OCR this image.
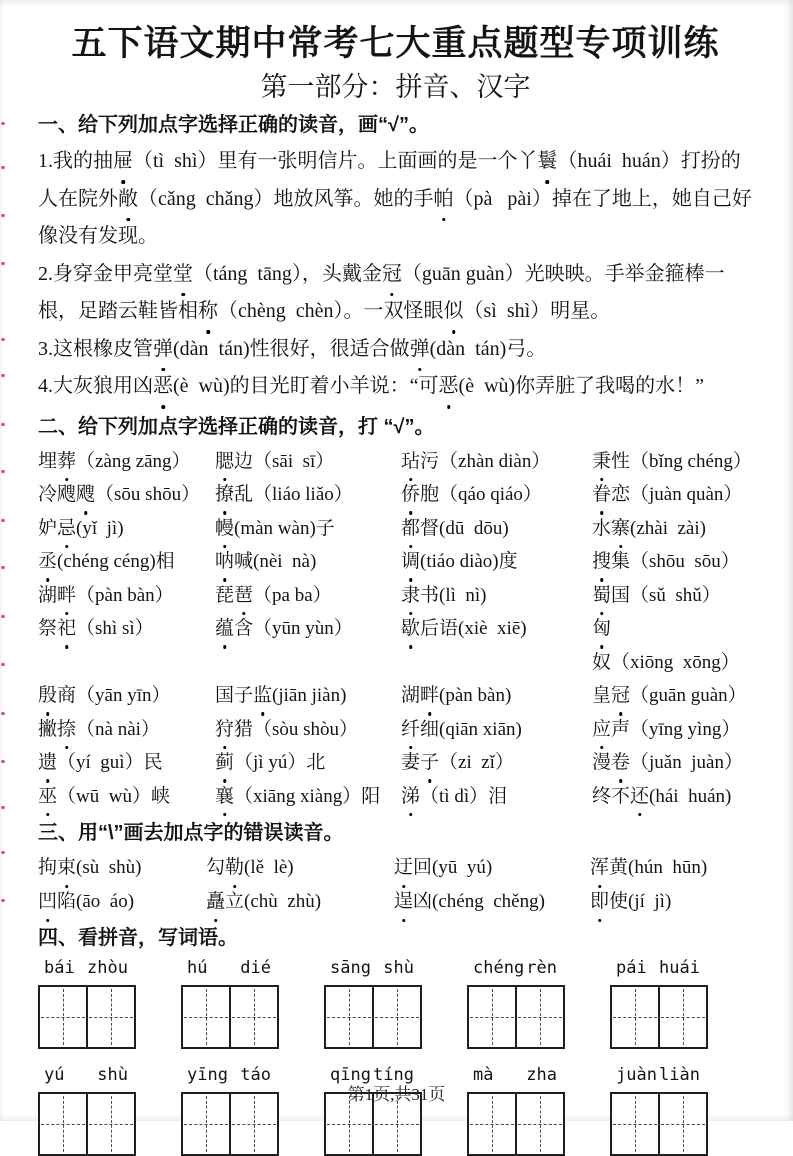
五下语文期中常考七大重点题型专项训练
第一部分：拼音、汉字
一、给下列加点字选择正确的读音，画“√”。

1.我的抽屉（tì  shì）里有一张明信片。上面画的是一个丫鬟（huái  huán）打扮的人在院外敞（cǎng  chǎng）地放风筝。她的手帕（pà   pài）掉在了地上，她自己好像没有发现。

2.身穿金甲亮堂堂（táng  tāng），头戴金冠（guān guàn）光映映。手举金箍棒一根，足踏云鞋皆相称（chèng  chèn）。一双怪眼似（sì  shì）明星。

3.这根橡皮管弹(dàn  tán)性很好，很适合做弹(dàn  tán)弓。

4.大灰狼用凶恶(è  wù)的目光盯着小羊说：“可恶(è  wù)你弄脏了我喝的水！”

二、给下列加点字选择正确的读音，打 “√”。
埋葬（zàng zāng）	腮边（sāi  sī）	玷污（zhàn diàn）	秉性（bǐng chéng）
冷飕飕（sōu shōu） 撩乱（liáo liǎo）	侨胞（qáo qiáo）	眷恋（juàn quàn）
妒忌(yǐ  jì)	幔(màn wàn)子	都督(dū  dōu)	水寨(zhài  zài)
丞(chéng céng)相	呐喊(nèi  nà)	调(tiáo diào)度	搜集（shōu  sōu）
湖畔（pàn bàn）	琵琶（pa ba）	隶书(lì  nì)	蜀国（sǔ  shǔ）
祭祀（shì sì）	蕴含（yūn yùn）	歇后语(xiè  xiē)	匈奴（xiōng  xōng）
殷商（yān yīn）	国子监(jiān jiàn)	湖畔(pàn bàn)	皇冠（guān guàn）
撇捺（nà nài）	狩猎（sòu shòu）	纤细(qiān xiān)	应声（yīng yìng）
遗（yí  guì）民	蓟（jì yú）北	妻子（zi  zǐ）	漫卷（juǎn  juàn）
巫（wū  wù）峡	襄（xiāng xiàng）阳	涕（tì dì）泪	终不还(hái  huán)
三、用“\”画去加点字的错误读音。
拘束(sù  shù)	勾勒(lě  lè)	迂回(yū  yú)	浑黄(hún  hūn)
凹陷(āo  áo)	矗立(chù  zhù)	逞凶(chéng  chěng)	即使(jí  jì)
四、看拼音，写词语。
bái zhòu	hú dié	sāng shù	chéng rèn	pái huái
yú shù	yīng táo	qīng tíng	mà zha	juàn liàn
第1页,共31页
